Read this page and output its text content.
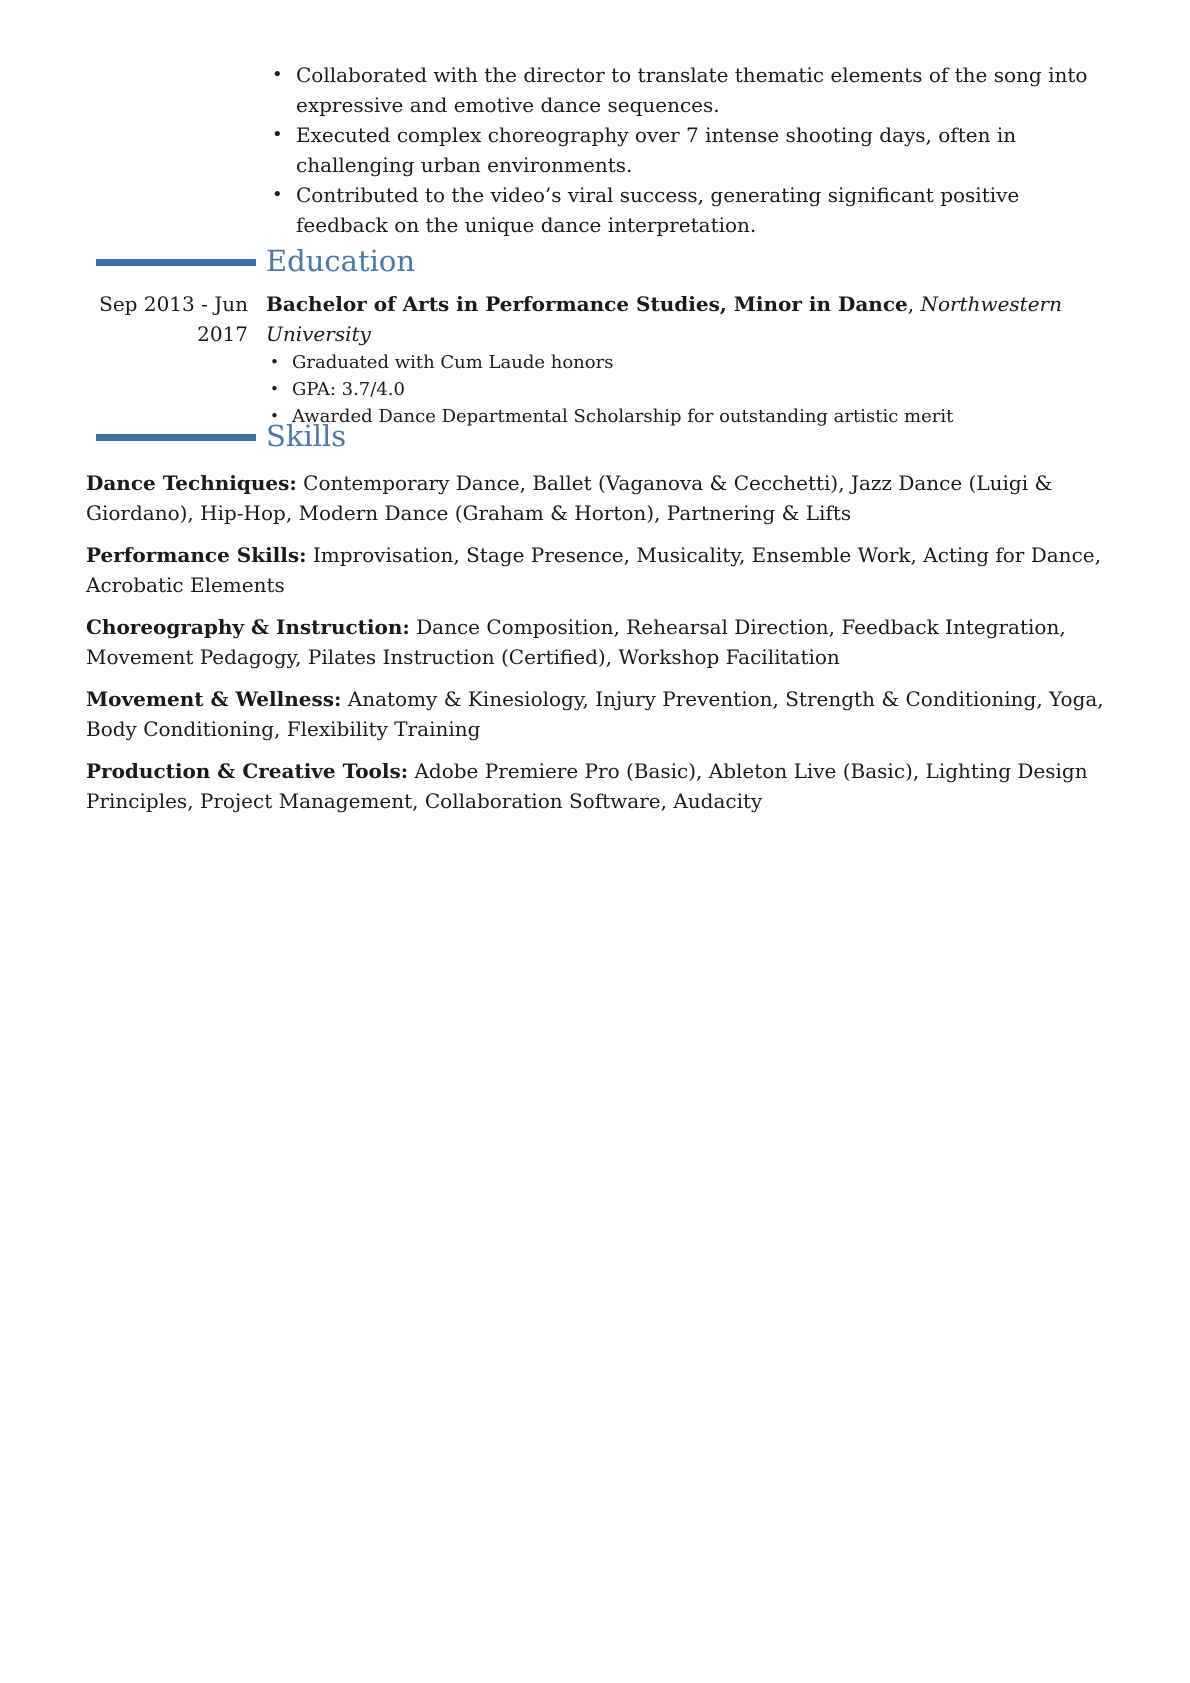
• Collaborated with the director to translate thematic elements of the song into expressive and emotive dance sequences.
• Executed complex choreography over 7 intense shooting days, often in challenging urban environments.
• Contributed to the video’s viral success, generating significant positive feedback on the unique dance interpretation.
Education
Sep 2013 - Jun 2017
Bachelor of Arts in Performance Studies, Minor in Dance, Northwestern University
• Graduated with Cum Laude honors
• GPA: 3.7/4.0
• Awarded Dance Departmental Scholarship for outstanding artistic merit
Skills

Dance Techniques: Contemporary Dance, Ballet (Vaganova & Cecchetti), Jazz Dance (Luigi & Giordano), Hip-Hop, Modern Dance (Graham & Horton), Partnering & Lifts

Performance Skills: Improvisation, Stage Presence, Musicality, Ensemble Work, Acting for Dance, Acrobatic Elements

Choreography & Instruction: Dance Composition, Rehearsal Direction, Feedback Integration, Movement Pedagogy, Pilates Instruction (Certified), Workshop Facilitation

Movement & Wellness: Anatomy & Kinesiology, Injury Prevention, Strength & Conditioning, Yoga, Body Conditioning, Flexibility Training

Production & Creative Tools: Adobe Premiere Pro (Basic), Ableton Live (Basic), Lighting Design Principles, Project Management, Collaboration Software, Audacity
